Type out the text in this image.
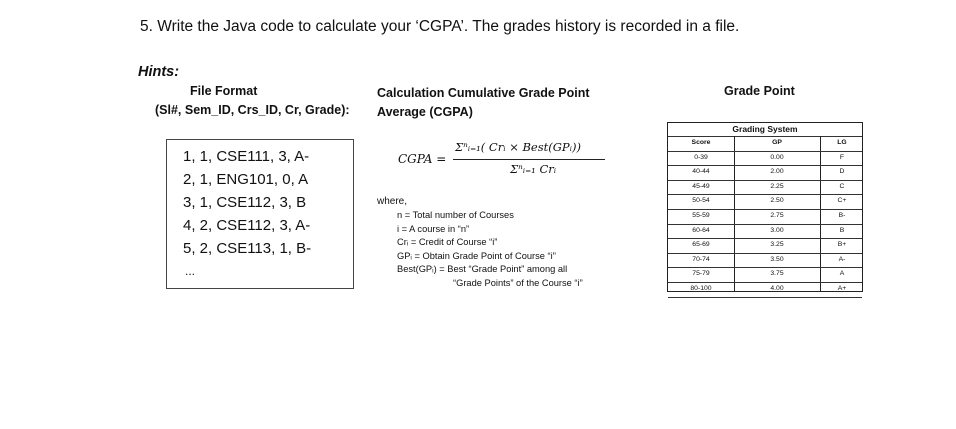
5. Write the Java code to calculate your ‘CGPA’. The grades history is recorded in a file.
Hints:
File Format
(Sl#, Sem_ID, Crs_ID, Cr, Grade):
Calculation Cumulative Grade Point
Average (CGPA)
Grade Point
1, 1, CSE111, 3, A-
2, 1, ENG101, 0, A
3, 1, CSE112, 3, B
4, 2, CSE112, 3, A-
5, 2, CSE113, 1, B-
...
CGPA =
Σⁿᵢ₌₁( Crᵢ × Best(GPᵢ))
Σⁿᵢ₌₁ Crᵢ
where,
n = Total number of Courses
i = A course in “n”
Crᵢ = Credit of Course “i”
GPᵢ = Obtain Grade Point of Course “i”
Best(GPᵢ) = Best “Grade Point” among all
“Grade Points” of the Course “i”
Grading System
Score	GP	LG
0-39	0.00	F
40-44	2.00	D
45-49	2.25	C
50-54	2.50	C+
55-59	2.75	B-
60-64	3.00	B
65-69	3.25	B+
70-74	3.50	A-
75-79	3.75	A
80-100	4.00	A+
